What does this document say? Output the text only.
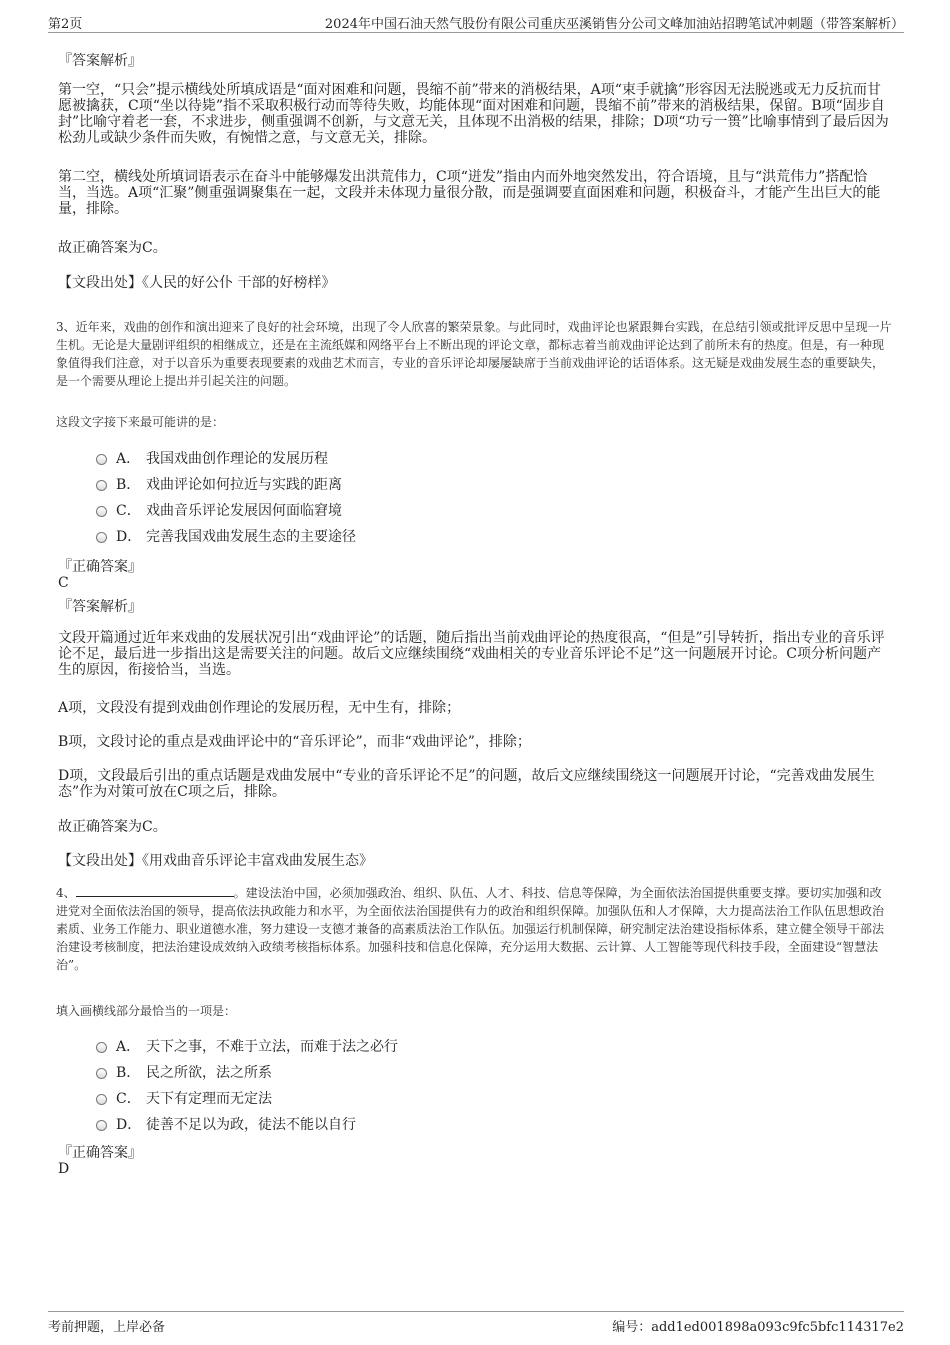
第2页	2024年中国石油天然气股份有限公司重庆巫溪销售分公司文峰加油站招聘笔试冲刺题（带答案解析）
『答案解析』
第一空，“只会”提示横线处所填成语是“面对困难和问题，畏缩不前”带来的消极结果，A项“束手就擒”形容因无法脱逃或无力反抗而甘愿被擒获，C项“坐以待毙”指不采取积极行动而等待失败，均能体现“面对困难和问题，畏缩不前”带来的消极结果，保留。B项“固步自封”比喻守着老一套，不求进步，侧重强调不创新，与文意无关，且体现不出消极的结果，排除；D项“功亏一篑”比喻事情到了最后因为松劲儿或缺少条件而失败，有惋惜之意，与文意无关，排除。
第二空，横线处所填词语表示在奋斗中能够爆发出洪荒伟力，C项“迸发”指由内而外地突然发出，符合语境，且与“洪荒伟力”搭配恰当，当选。A项“汇聚”侧重强调聚集在一起，文段并未体现力量很分散，而是强调要直面困难和问题，积极奋斗，才能产生出巨大的能量，排除。
故正确答案为C。
【文段出处】《人民的好公仆 干部的好榜样》
3、近年来，戏曲的创作和演出迎来了良好的社会环境，出现了令人欣喜的繁荣景象。与此同时，戏曲评论也紧跟舞台实践，在总结引领或批评反思中呈现一片生机。无论是大量剧评组织的相继成立，还是在主流纸媒和网络平台上不断出现的评论文章，都标志着当前戏曲评论达到了前所未有的热度。但是，有一种现象值得我们注意，对于以音乐为重要表现要素的戏曲艺术而言，专业的音乐评论却屡屡缺席于当前戏曲评论的话语体系。这无疑是戏曲发展生态的重要缺失，是一个需要从理论上提出并引起关注的问题。
这段文字接下来最可能讲的是：
A． 我国戏曲创作理论的发展历程
B． 戏曲评论如何拉近与实践的距离
C． 戏曲音乐评论发展因何面临窘境
D． 完善我国戏曲发展生态的主要途径
『正确答案』
C
『答案解析』
文段开篇通过近年来戏曲的发展状况引出“戏曲评论”的话题，随后指出当前戏曲评论的热度很高，“但是”引导转折，指出专业的音乐评论不足，最后进一步指出这是需要关注的问题。故后文应继续围绕“戏曲相关的专业音乐评论不足”这一问题展开讨论。C项分析问题产生的原因，衔接恰当，当选。
A项，文段没有提到戏曲创作理论的发展历程，无中生有，排除；
B项，文段讨论的重点是戏曲评论中的“音乐评论”，而非“戏曲评论”，排除；
D项，文段最后引出的重点话题是戏曲发展中“专业的音乐评论不足”的问题，故后文应继续围绕这一问题展开讨论，“完善戏曲发展生态”作为对策可放在C项之后，排除。
故正确答案为C。
【文段出处】《用戏曲音乐评论丰富戏曲发展生态》
4、	。建设法治中国，必须加强政治、组织、队伍、人才、科技、信息等保障，为全面依法治国提供重要支撑。要切实加强和改进党对全面依法治国的领导，提高依法执政能力和水平，为全面依法治国提供有力的政治和组织保障。加强队伍和人才保障，大力提高法治工作队伍思想政治素质、业务工作能力、职业道德水准，努力建设一支德才兼备的高素质法治工作队伍。加强运行机制保障，研究制定法治建设指标体系，建立健全领导干部法治建设考核制度，把法治建设成效纳入政绩考核指标体系。加强科技和信息化保障，充分运用大数据、云计算、人工智能等现代科技手段，全面建设“智慧法治”。
填入画横线部分最恰当的一项是：
A． 天下之事，不难于立法，而难于法之必行
B． 民之所欲，法之所系
C． 天下有定理而无定法
D． 徒善不足以为政，徒法不能以自行
『正确答案』
D
考前押题，上岸必备	编号：add1ed001898a093c9fc5bfc114317e2
